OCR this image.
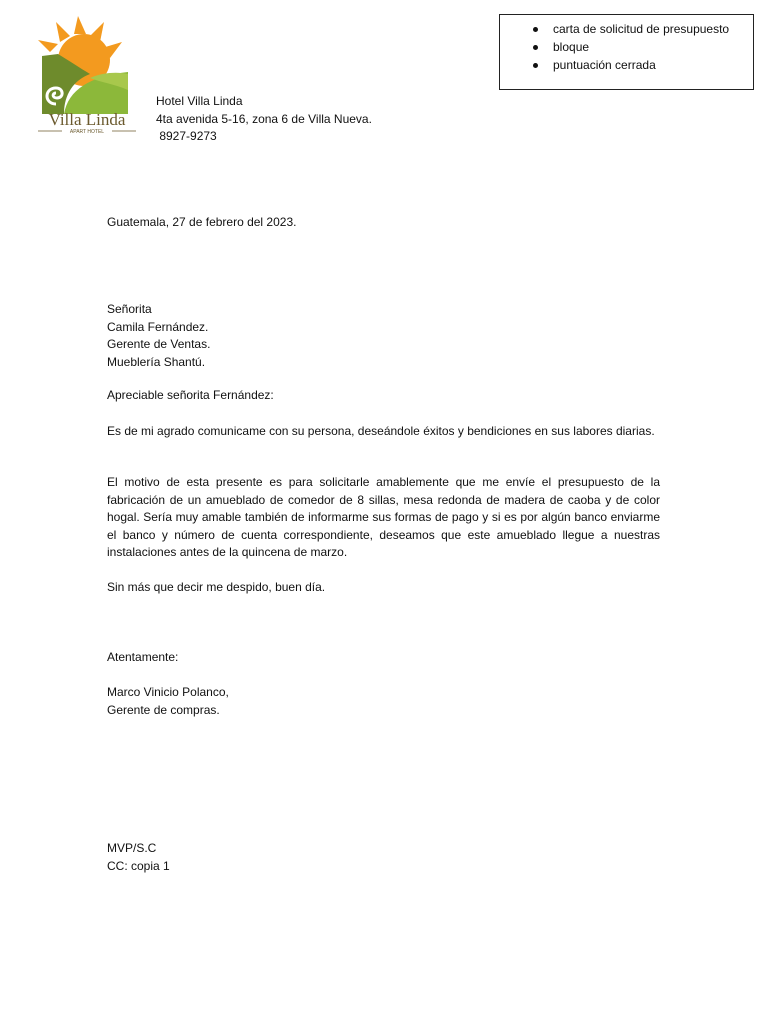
carta de solicitud de presupuesto
bloque
puntuación cerrada
Villa Linda
APART HOTEL
Hotel Villa Linda
4ta avenida 5-16, zona 6 de Villa Nueva.
8927-9273
Guatemala, 27 de febrero del 2023.
Señorita
Camila Fernández.
Gerente de Ventas.
Mueblería Shantú.
Apreciable señorita Fernández:

Es de mi agrado comunicame con su persona, deseándole éxitos y bendiciones en sus labores diarias.

El motivo de esta presente es para solicitarle amablemente que me envíe el presupuesto de la fabricación de un amueblado de comedor de 8 sillas, mesa redonda de madera de caoba y de color hogal. Sería muy amable también de informarme sus formas de pago y si es por algún banco enviarme el banco y número de cuenta correspondiente, deseamos que este amueblado llegue a nuestras instalaciones antes de la quincena de marzo.

Sin más que decir me despido, buen día.
Atentamente:
Marco Vinicio Polanco,
Gerente de compras.
MVP/S.C
CC: copia 1
